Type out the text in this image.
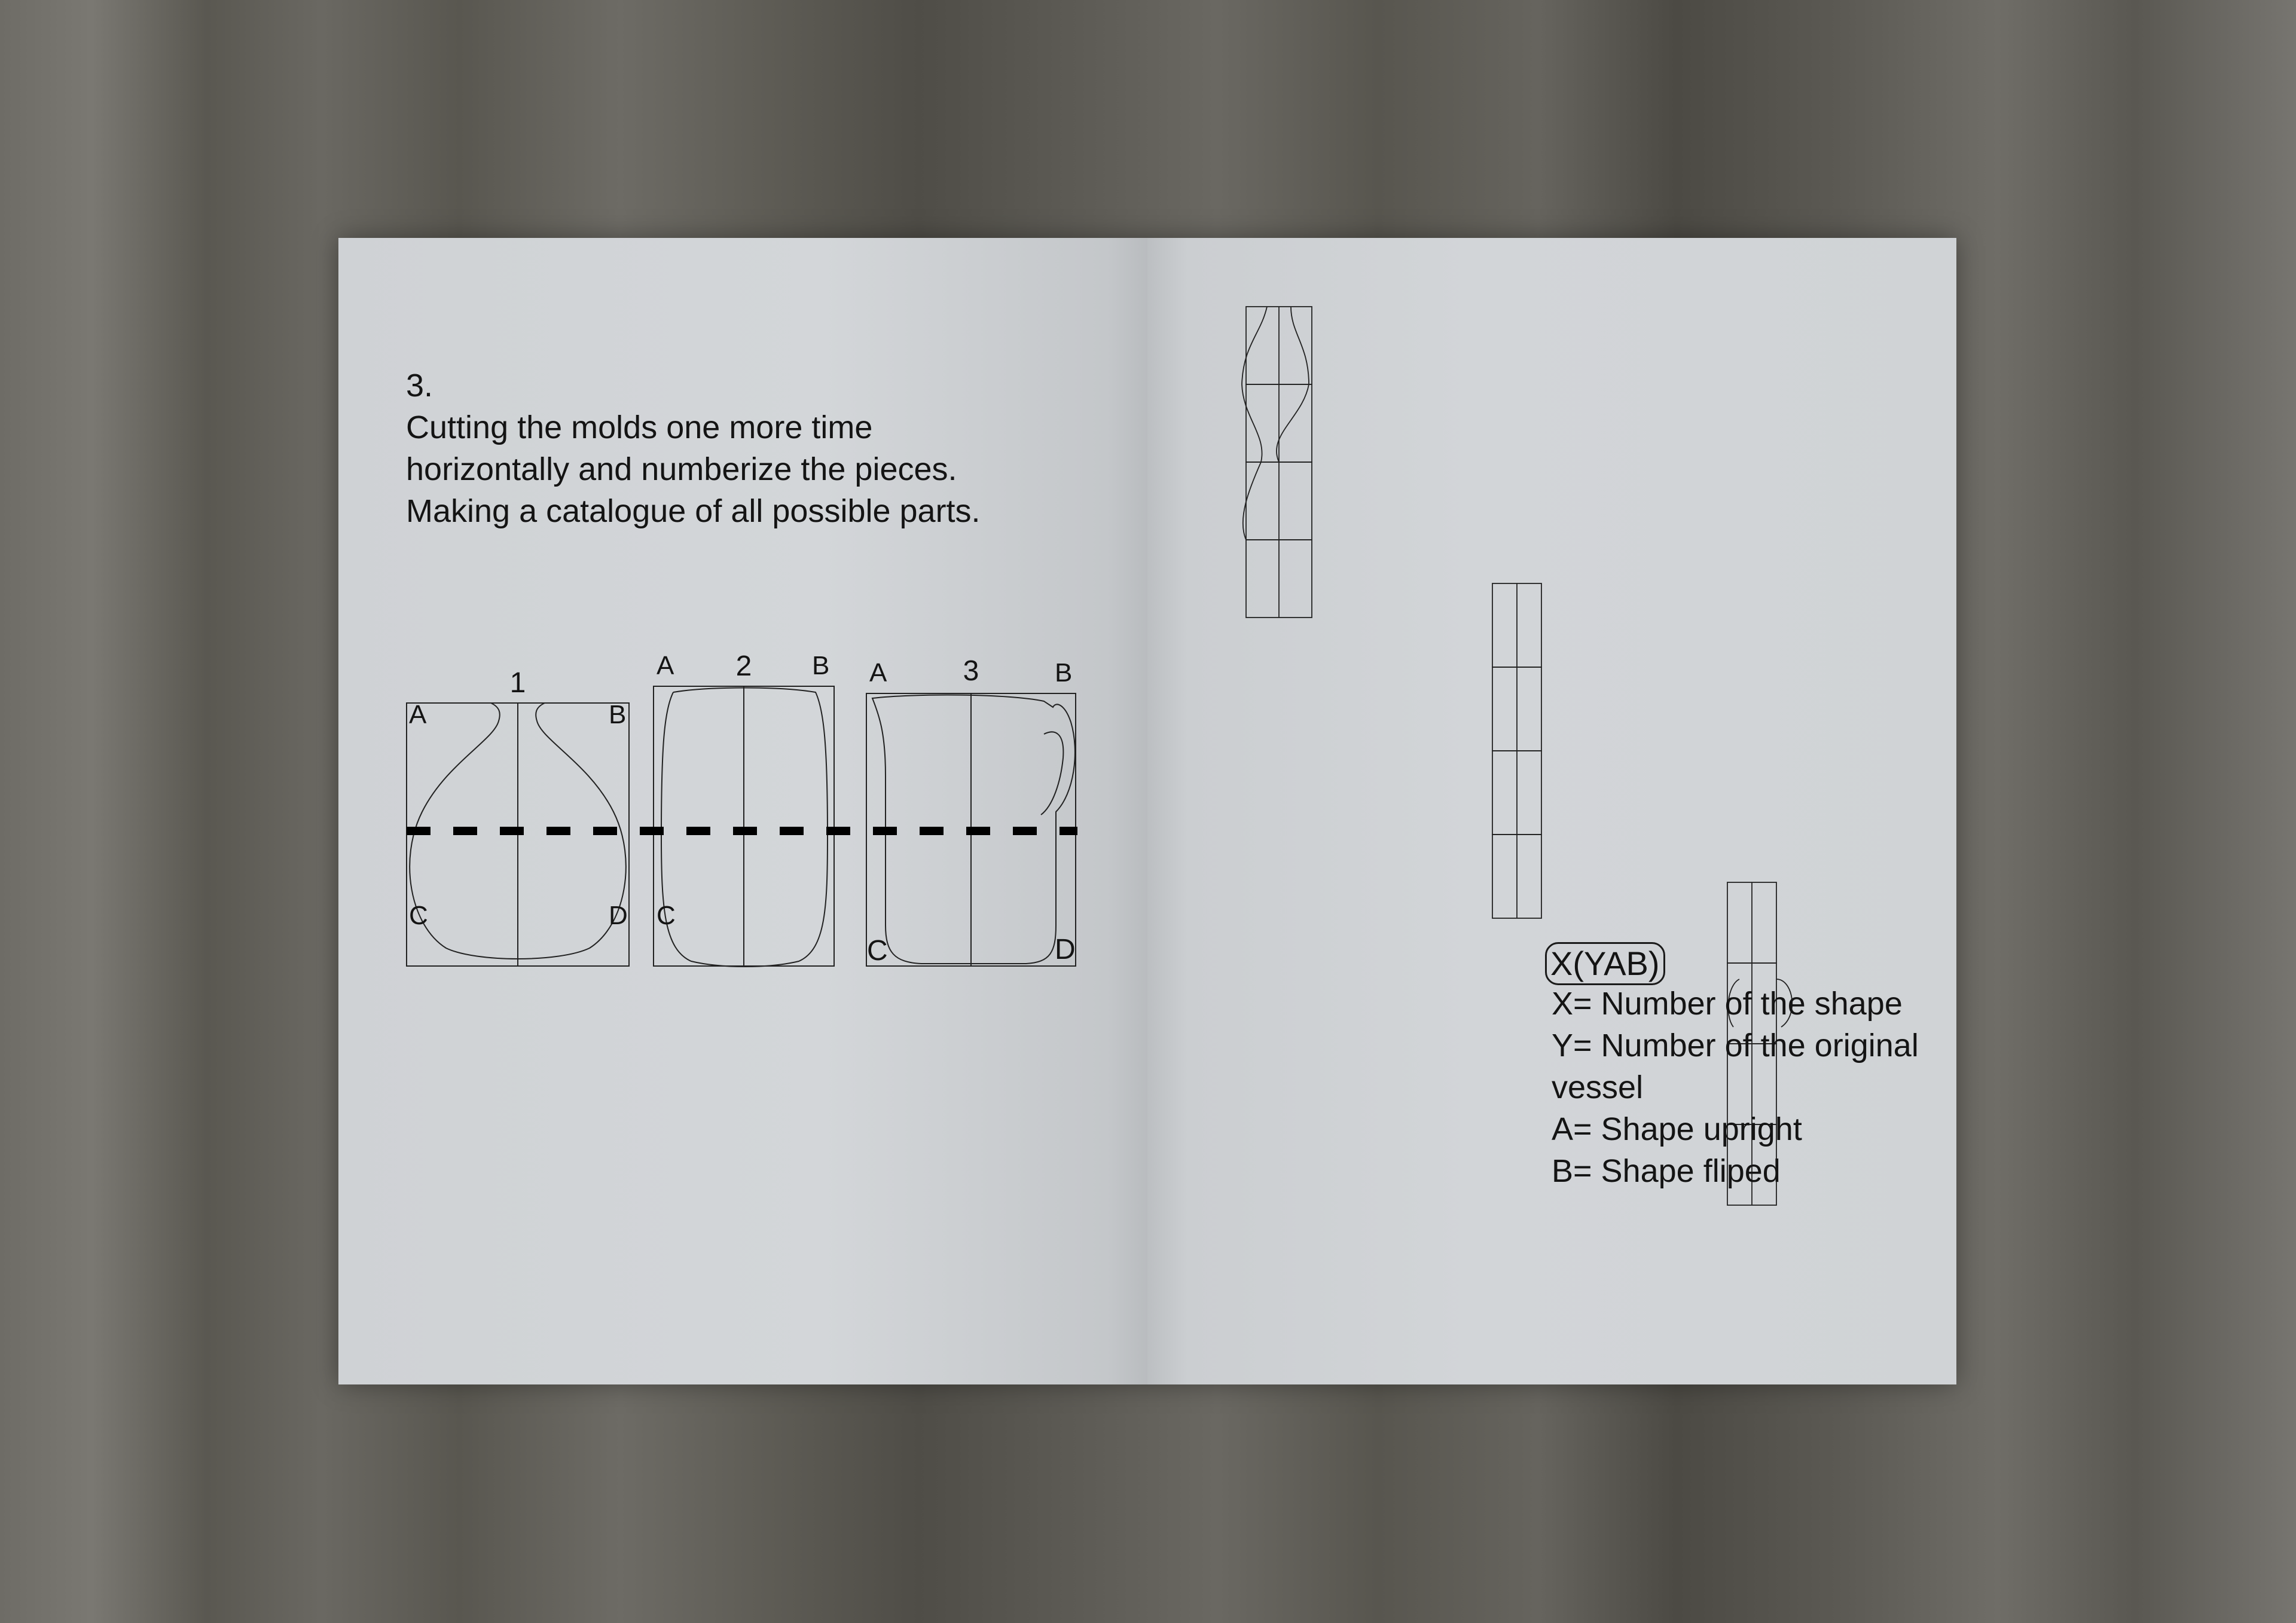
3.
Cutting the molds one more time
horizontally and numberize the pieces.
Making a catalogue of all possible parts.
1
A	B
C	D
2
A	B
C
3
A	B
C	D	X(YAB)
X= Number of the shape
Y= Number of the original
vessel
A= Shape upright
B= Shape fliped
